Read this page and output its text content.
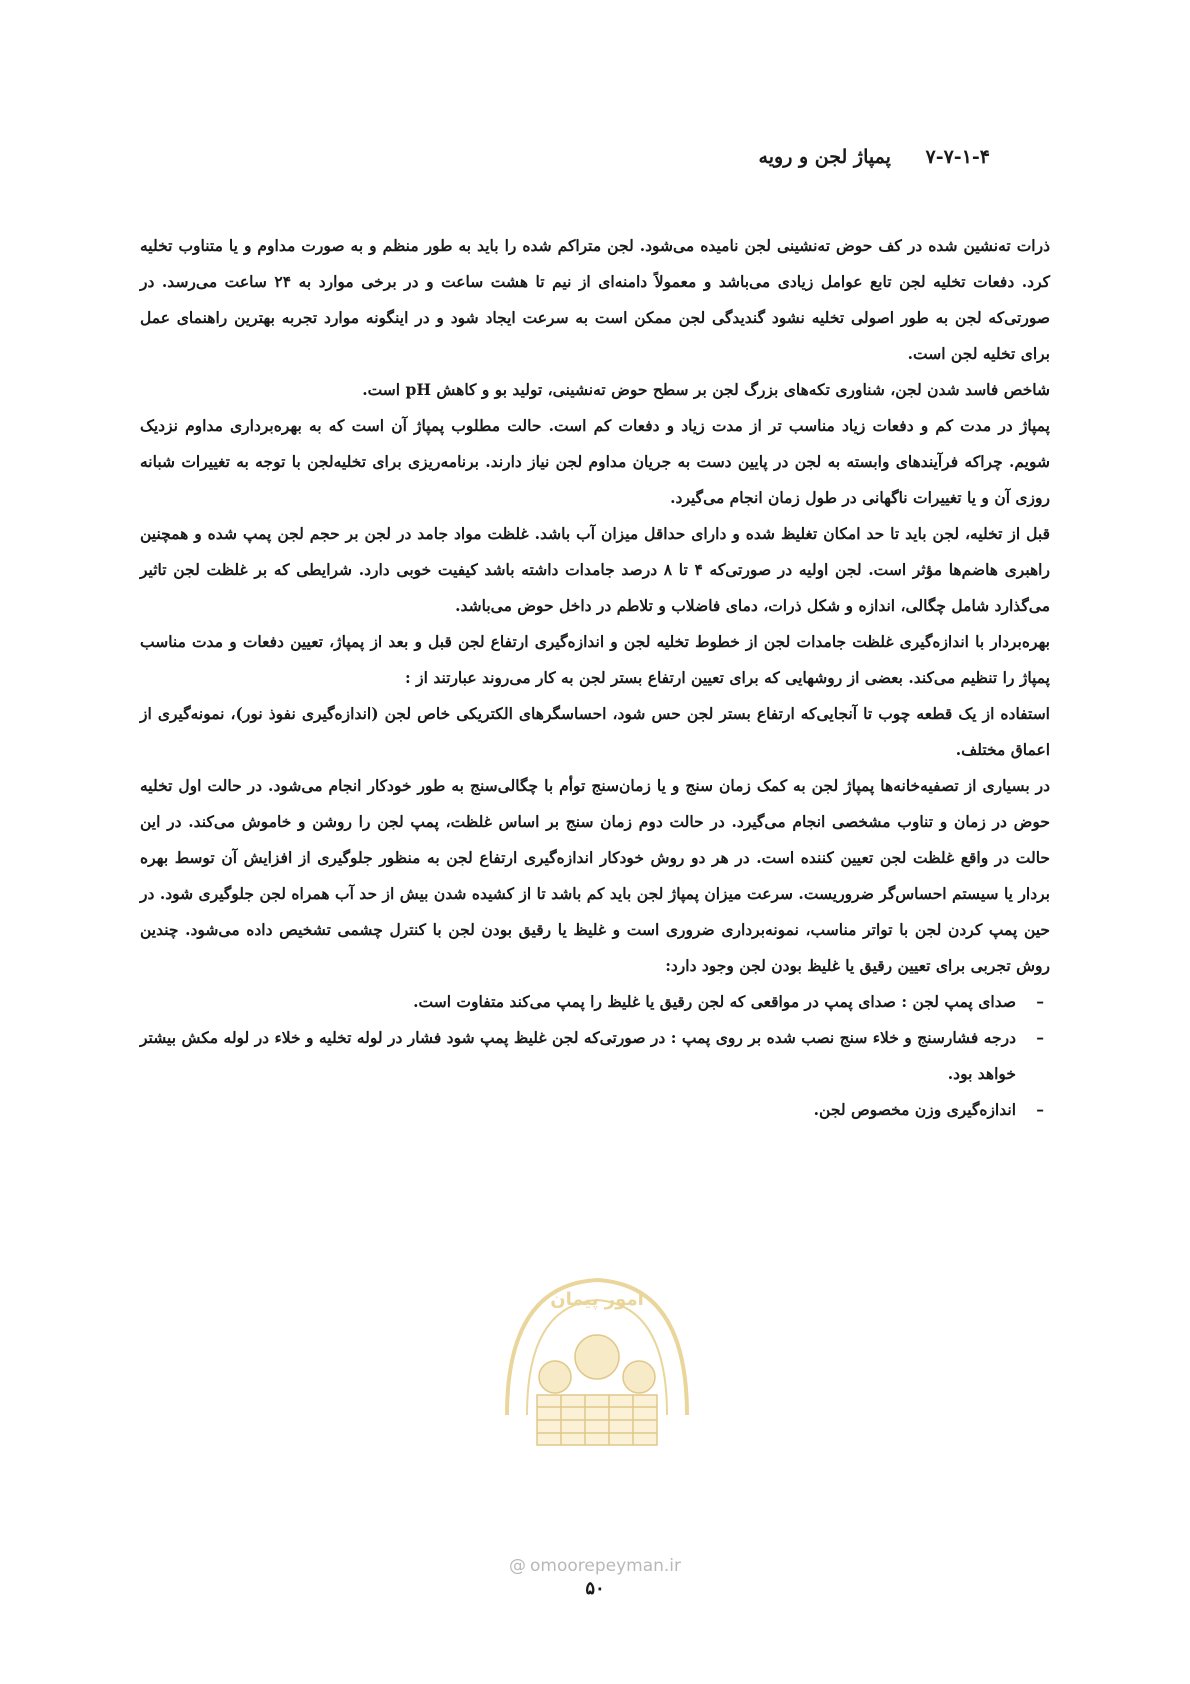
۷-۷-۱-۴ پمپاژ لجن و رویه

ذرات ته‌نشین شده در کف حوض ته‌نشینی لجن نامیده می‌شود. لجن متراکم شده را باید به طور منظم و به صورت مداوم و یا متناوب تخلیه کرد. دفعات تخلیه لجن تابع عوامل زیادی می‌باشد و معمولاً دامنه‌ای از نیم تا هشت ساعت و در برخی موارد به ۲۴ ساعت می‌رسد. در صورتی‌که لجن به طور اصولی تخلیه نشود گندیدگی لجن ممکن است به سرعت ایجاد شود و در اینگونه موارد تجربه بهترین راهنمای عمل برای تخلیه لجن است.

شاخص فاسد شدن لجن، شناوری تکه‌های بزرگ لجن بر سطح حوض ته‌نشینی، تولید بو و کاهش pH است.

پمپاژ در مدت کم و دفعات زیاد مناسب تر از مدت زیاد و دفعات کم است. حالت مطلوب پمپاژ آن است که به بهره‌برداری مداوم نزدیک شویم. چراکه فرآیندهای وابسته به لجن در پایین دست به جریان مداوم لجن نیاز دارند. برنامه‌ریزی برای تخلیه‌لجن با توجه به تغییرات شبانه روزی آن و یا تغییرات ناگهانی در طول زمان انجام می‌گیرد.

قبل از تخلیه، لجن باید تا حد امکان تغلیظ شده و دارای حداقل میزان آب باشد. غلظت مواد جامد در لجن بر حجم لجن پمپ شده و همچنین راهبری هاضم‌ها مؤثر است. لجن اولیه در صورتی‌که ۴ تا ۸ درصد جامدات داشته باشد کیفیت خوبی دارد. شرایطی که بر غلظت لجن تاثیر می‌گذارد شامل چگالی، اندازه و شکل ذرات، دمای فاضلاب و تلاطم در داخل حوض می‌باشد.

بهره‌بردار با اندازه‌گیری غلظت جامدات لجن از خطوط تخلیه لجن و اندازه‌گیری ارتفاع لجن قبل و بعد از پمپاژ، تعیین دفعات و مدت مناسب پمپاژ را تنظیم می‌کند. بعضی از روشهایی که برای تعیین ارتفاع بستر لجن به کار می‌روند عبارتند از :

استفاده از یک قطعه چوب تا آنجایی‌که ارتفاع بستر لجن حس شود، احساسگرهای الکتریکی خاص لجن (اندازه‌گیری نفوذ نور)، نمونه‌گیری از اعماق مختلف.

در بسیاری از تصفیه‌خانه‌ها پمپاژ لجن به کمک زمان سنج و یا زمان‌سنج توأم با چگالی‌سنج به طور خودکار انجام می‌شود. در حالت اول تخلیه حوض در زمان و تناوب مشخصی انجام می‌گیرد. در حالت دوم زمان سنج بر اساس غلظت، پمپ لجن را روشن و خاموش می‌کند. در این حالت در واقع غلظت لجن تعیین کننده است. در هر دو روش خودکار اندازه‌گیری ارتفاع لجن به منظور جلوگیری از افزایش آن توسط بهره بردار یا سیستم احساس‌گر ضروریست. سرعت میزان پمپاژ لجن باید کم باشد تا از کشیده شدن بیش از حد آب همراه لجن جلوگیری شود. در حین پمپ کردن لجن با تواتر مناسب، نمونه‌برداری ضروری است و غلیظ یا رقیق بودن لجن با کنترل چشمی تشخیص داده می‌شود. چندین روش تجربی برای تعیین رقیق یا غلیظ بودن لجن وجود دارد:

–
صدای پمپ لجن : صدای پمپ در مواقعی که لجن رقیق یا غلیظ را پمپ می‌کند متفاوت است.
–
درجه فشارسنج و خلاء سنج نصب شده بر روی پمپ : در صورتی‌که لجن غلیظ پمپ شود فشار در لوله تخلیه و خلاء در لوله مکش بیشتر خواهد بود.
–
اندازه‌گیری وزن مخصوص لجن.
امور پیمان
@ omoorepeyman.ir
۵۰
